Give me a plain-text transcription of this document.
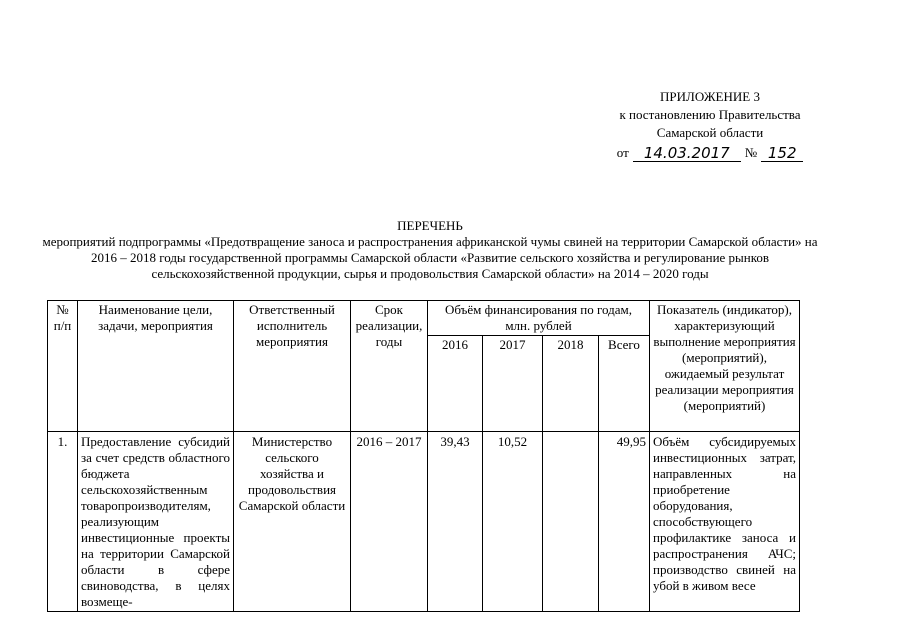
ПРИЛОЖЕНИЕ 3
к постановлению Правительства
Самарской области
от	14.03.2017	№ 152
ПЕРЕЧЕНЬ
мероприятий подпрограммы «Предотвращение заноса и распространения африканской чумы свиней на территории Самарской области» на 2016 – 2018 годы государственной программы Самарской области «Развитие сельского хозяйства и регулирование рынков сельскохозяйственной продукции, сырья и продовольствия Самарской области» на 2014 – 2020 годы
№ п/п	Наименование цели, задачи, мероприятия	Ответственный исполнитель мероприятия	Срок реализации, годы	Объём финансирования по годам, млн. рублей				Показатель (индикатор), характеризующий выполнение мероприятия (мероприятий), ожидаемый результат реализации мероприятия (мероприятий)
				2016	2017	2018	Всего	
1.	Предоставление субсидий за счет средств областного бюджета сельскохозяйственным товаропроизводителям, реализующим инвестиционные проекты на территории Самарской области в сфере свиноводства, в целях возмеще-	Министерство сельского хозяйства и продовольствия Самарской области	2016 – 2017	39,43	10,52		49,95	Объём субсидируемых инвестиционных затрат, направленных на приобретение оборудования, способствующего профилактике заноса и распространения АЧС; производство свиней на убой в живом весе
